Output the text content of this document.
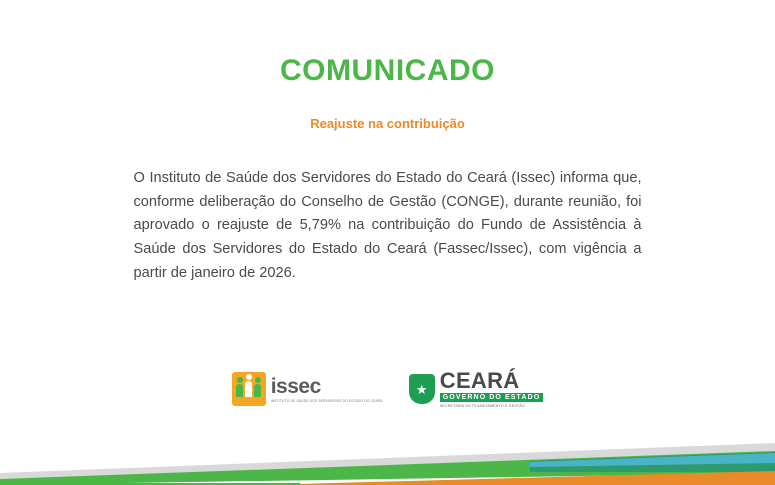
COMUNICADO
Reajuste na contribuição
O Instituto de Saúde dos Servidores do Estado do Ceará (Issec) informa que, conforme deliberação do Conselho de Gestão (CONGE), durante reunião, foi aprovado o reajuste de 5,79% na contribuição do Fundo de Assistência à Saúde dos Servidores do Estado do Ceará (Fassec/Issec), com vigência a partir de janeiro de 2026.
issec
INSTITUTO DE SAÚDE DOS SERVIDORES DO ESTADO DO CEARÁ
★ CEARÁ
GOVERNO DO ESTADO
SECRETARIA DO PLANEJAMENTO E GESTÃO
